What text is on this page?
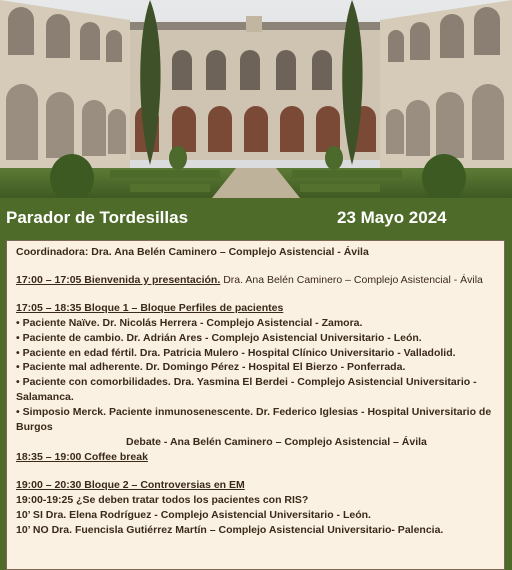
Parador de Tordesillas	23 Mayo 2024
Coordinadora: Dra. Ana Belén Caminero – Complejo Asistencial - Ávila
17:00 – 17:05 Bienvenida y presentación. Dra. Ana Belén Caminero – Complejo Asistencial - Ávila
17:05 – 18:35 Bloque 1 – Bloque Perfiles de pacientes
• Paciente Naïve. Dr. Nicolás Herrera - Complejo Asistencial - Zamora.
• Paciente de cambio. Dr. Adrián Ares - Complejo Asistencial Universitario - León.
• Paciente en edad fértil. Dra. Patricia Mulero - Hospital Clínico Universitario - Valladolid.
• Paciente mal adherente. Dr. Domingo Pérez - Hospital El Bierzo - Ponferrada.
• Paciente con comorbilidades. Dra. Yasmina El Berdei - Complejo Asistencial Universitario - Salamanca.
• Simposio Merck. Paciente inmunosenescente. Dr. Federico Iglesias - Hospital Universitario de Burgos
Debate - Ana Belén Caminero – Complejo Asistencial – Ávila
18:35 – 19:00 Coffee break
19:00 – 20:30 Bloque 2 – Controversias en EM
19:00-19:25 ¿Se deben tratar todos los pacientes con RIS?
10’ SI Dra. Elena Rodríguez - Complejo Asistencial Universitario - León.
10’ NO Dra. Fuencisla Gutiérrez Martín – Complejo Asistencial Universitario- Palencia.
